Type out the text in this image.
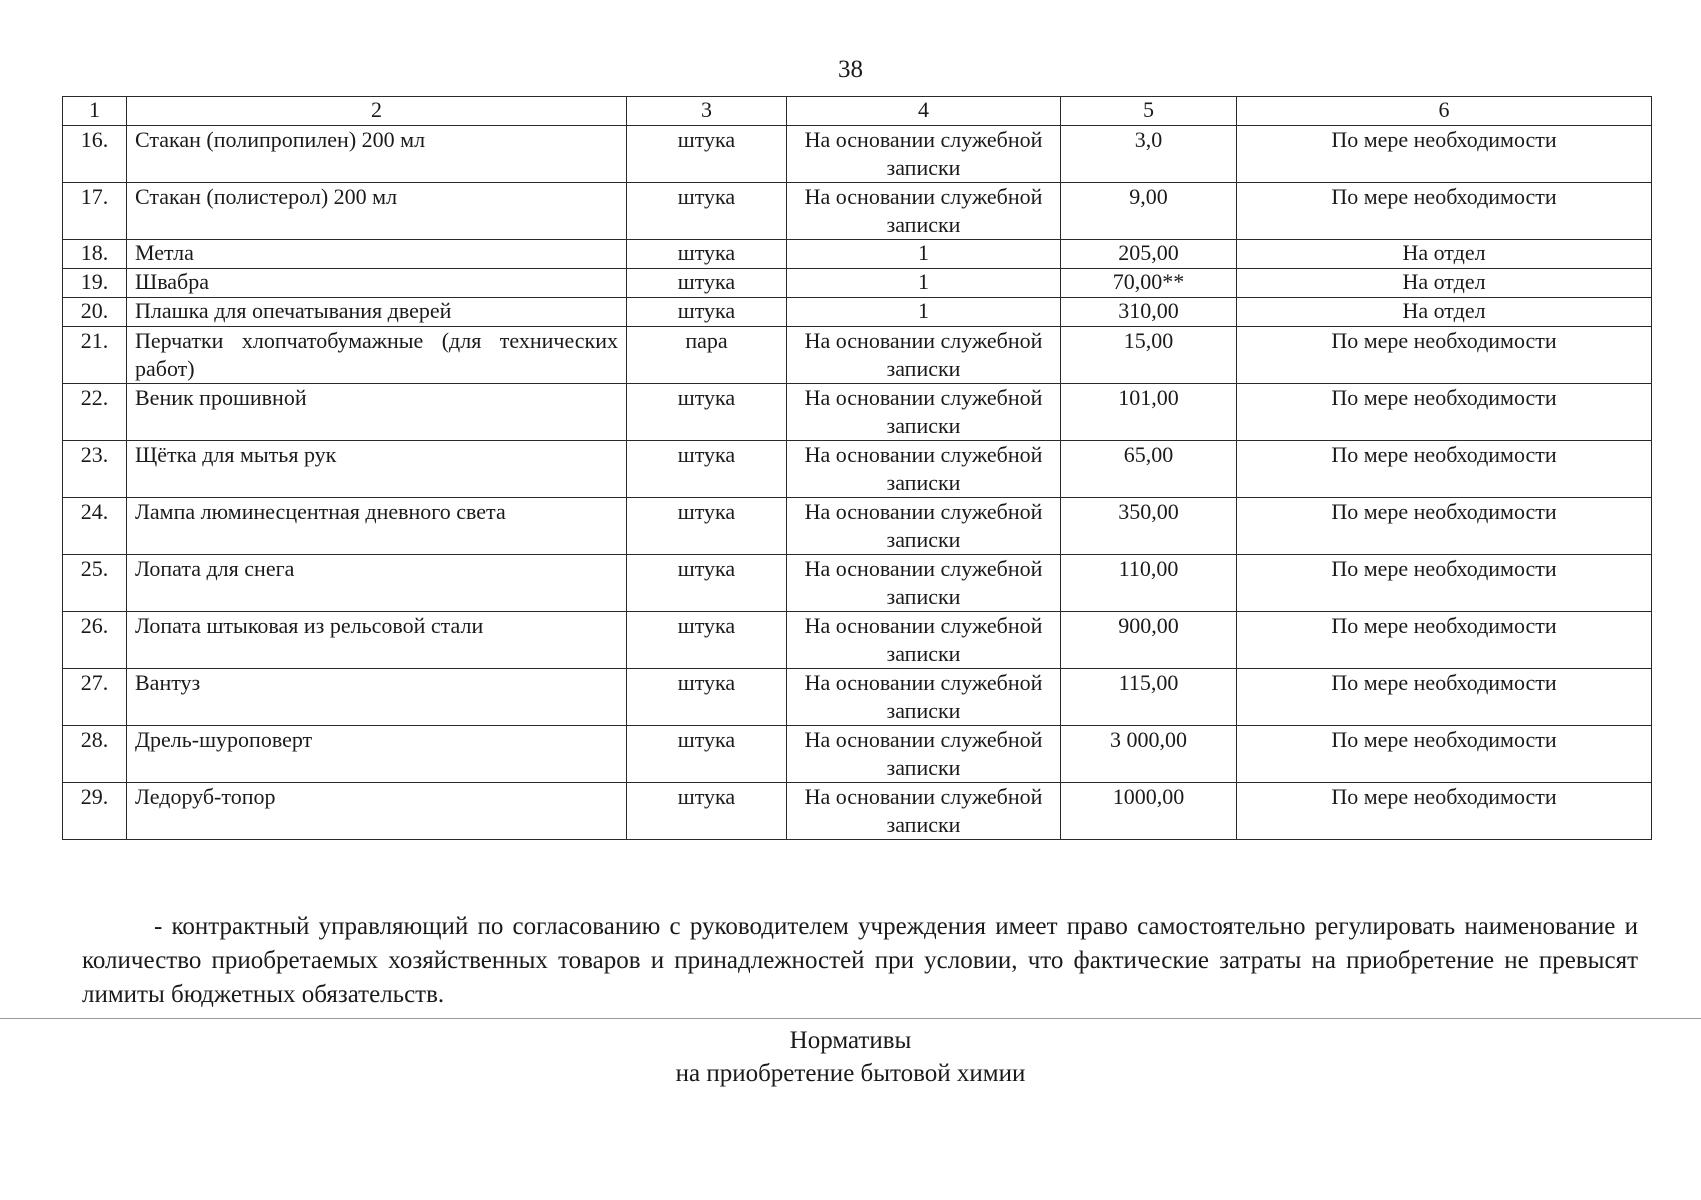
38
1	2	3	4	5	6
16.	Стакан (полипропилен) 200 мл	штука	На основании служебной записки	3,0	По мере необходимости
17.	Стакан (полистерол) 200 мл	штука	На основании служебной записки	9,00	По мере необходимости
18.	Метла	штука	1	205,00	На отдел
19.	Швабра	штука	1	70,00**	На отдел
20.	Плашка для опечатывания дверей	штука	1	310,00	На отдел
21.	Перчатки хлопчатобумажные (для технических работ)	пара	На основании служебной записки	15,00	По мере необходимости
22.	Веник прошивной	штука	На основании служебной записки	101,00	По мере необходимости
23.	Щётка для мытья рук	штука	На основании служебной записки	65,00	По мере необходимости
24.	Лампа люминесцентная дневного света	штука	На основании служебной записки	350,00	По мере необходимости
25.	Лопата для снега	штука	На основании служебной записки	110,00	По мере необходимости
26.	Лопата штыковая из рельсовой стали	штука	На основании служебной записки	900,00	По мере необходимости
27.	Вантуз	штука	На основании служебной записки	115,00	По мере необходимости
28.	Дрель-шуроповерт	штука	На основании служебной записки	3 000,00	По мере необходимости
29.	Ледоруб-топор	штука	На основании служебной записки	1000,00	По мере необходимости

- контрактный управляющий по согласованию с руководителем учреждения имеет право самостоятельно регулировать наименование и количество приобретаемых хозяйственных товаров и принадлежностей при условии, что фактические затраты на приобретение не превысят лимиты бюджетных обязательств.

Нормативы
на приобретение бытовой химии
